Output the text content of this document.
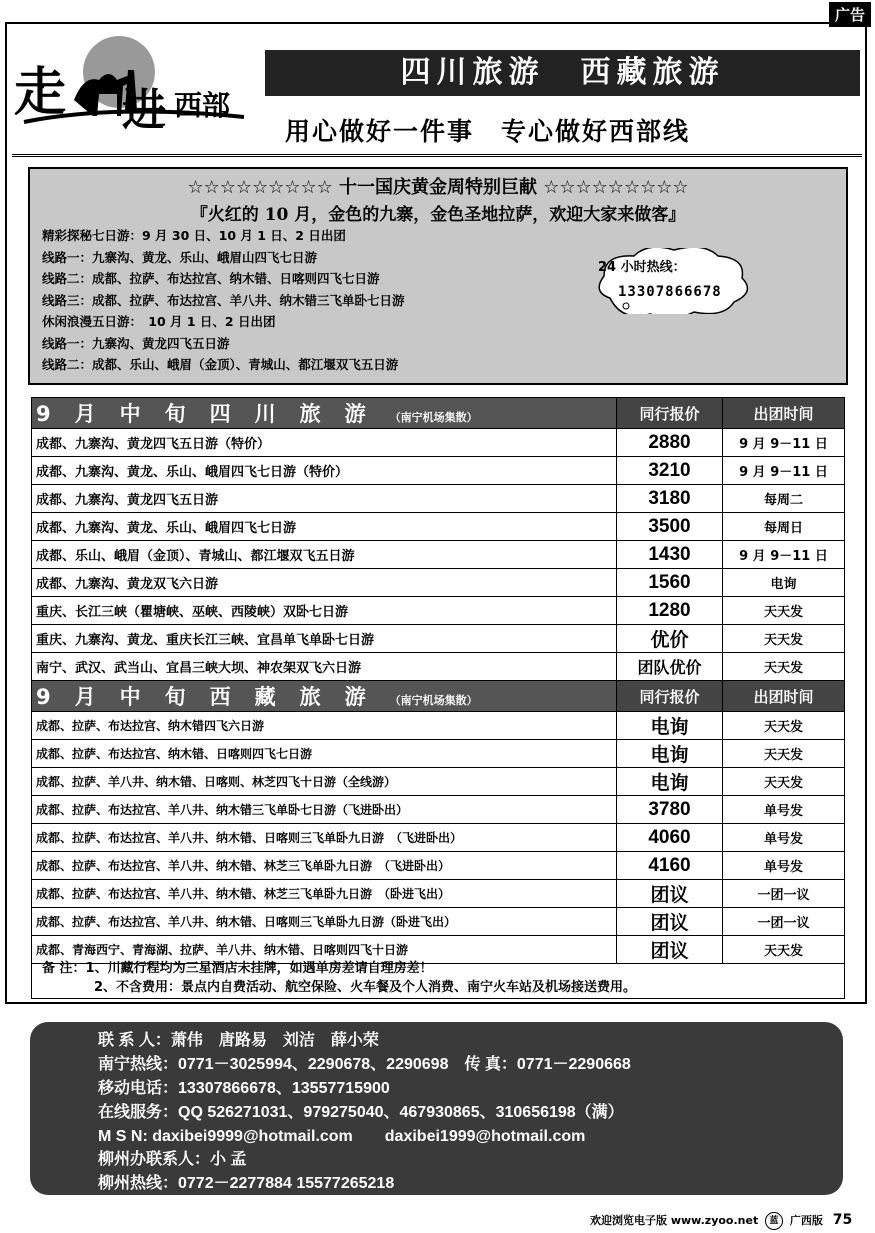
广告
走 进 西部
四川旅游　西藏旅游
用心做好一件事　专心做好西部线
☆☆☆☆☆☆☆☆☆ 十一国庆黄金周特别巨献 ☆☆☆☆☆☆☆☆☆
『火红的 10 月，金色的九寨，金色圣地拉萨，欢迎大家来做客』
精彩探秘七日游：9 月 30 日、10 月 1 日、2 日出团
线路一：九寨沟、黄龙、乐山、峨眉山四飞七日游
线路二：成都、拉萨、布达拉宫、纳木错、日喀则四飞七日游
线路三：成都、拉萨、布达拉宫、羊八井、纳木错三飞单卧七日游
休闲浪漫五日游：　10 月 1 日、2 日出团
线路一：九寨沟、黄龙四飞五日游
线路二：成都、乐山、峨眉（金顶）、青城山、都江堰双飞五日游
24 小时热线：
13307866678
9月中旬四川旅游（南宁机场集散）	同行报价	出团时间
成都、九寨沟、黄龙四飞五日游（特价）	2880	9 月 9－11 日
成都、九寨沟、黄龙、乐山、峨眉四飞七日游（特价）	3210	9 月 9－11 日
成都、九寨沟、黄龙四飞五日游	3180	每周二
成都、九寨沟、黄龙、乐山、峨眉四飞七日游	3500	每周日
成都、乐山、峨眉（金顶）、青城山、都江堰双飞五日游	1430	9 月 9－11 日
成都、九寨沟、黄龙双飞六日游	1560	电询
重庆、长江三峡（瞿塘峡、巫峡、西陵峡）双卧七日游	1280	天天发
重庆、九寨沟、黄龙、重庆长江三峡、宜昌单飞单卧七日游	优价	天天发
南宁、武汉、武当山、宜昌三峡大坝、神农架双飞六日游	团队优价	天天发
9月中旬西藏旅游（南宁机场集散）	同行报价	出团时间
成都、拉萨、布达拉宫、纳木错四飞六日游	电询	天天发
成都、拉萨、布达拉宫、纳木错、日喀则四飞七日游	电询	天天发
成都、拉萨、羊八井、纳木错、日喀则、林芝四飞十日游（全线游）	电询	天天发
成都、拉萨、布达拉宫、羊八井、纳木错三飞单卧七日游（飞进卧出）	3780	单号发
成都、拉萨、布达拉宫、羊八井、纳木错、日喀则三飞单卧九日游　（飞进卧出）	4060	单号发
成都、拉萨、布达拉宫、羊八井、纳木错、林芝三飞单卧九日游　（飞进卧出）	4160	单号发
成都、拉萨、布达拉宫、羊八井、纳木错、林芝三飞单卧九日游　（卧进飞出）	团议	一团一议
成都、拉萨、布达拉宫、羊八井、纳木错、日喀则三飞单卧九日游（卧进飞出）	团议	一团一议
成都、青海西宁、青海湖、拉萨、羊八井、纳木错、日喀则四飞十日游	团议	天天发
备 注：1、川藏行程均为三星酒店未挂牌，如遇单房差请自理房差！
　　　　2、不含费用：景点内自费活动、航空保险、火车餐及个人消费、南宁火车站及机场接送费用。
联 系 人：萧伟　唐路易　刘洁　薛小荣
南宁热线：0771－3025994、2290678、2290698　传 真：0771－2290668
移动电话：13307866678、13557715900
在线服务：QQ 526271031、979275040、467930865、310656198（满）
M S N: daxibei9999@hotmail.com　　daxibei1999@hotmail.com
柳州办联系人：小 孟
柳州热线：0772－2277884 15577265218
欢迎浏览电子版 www.zyoo.net 蓝 广西版 75
